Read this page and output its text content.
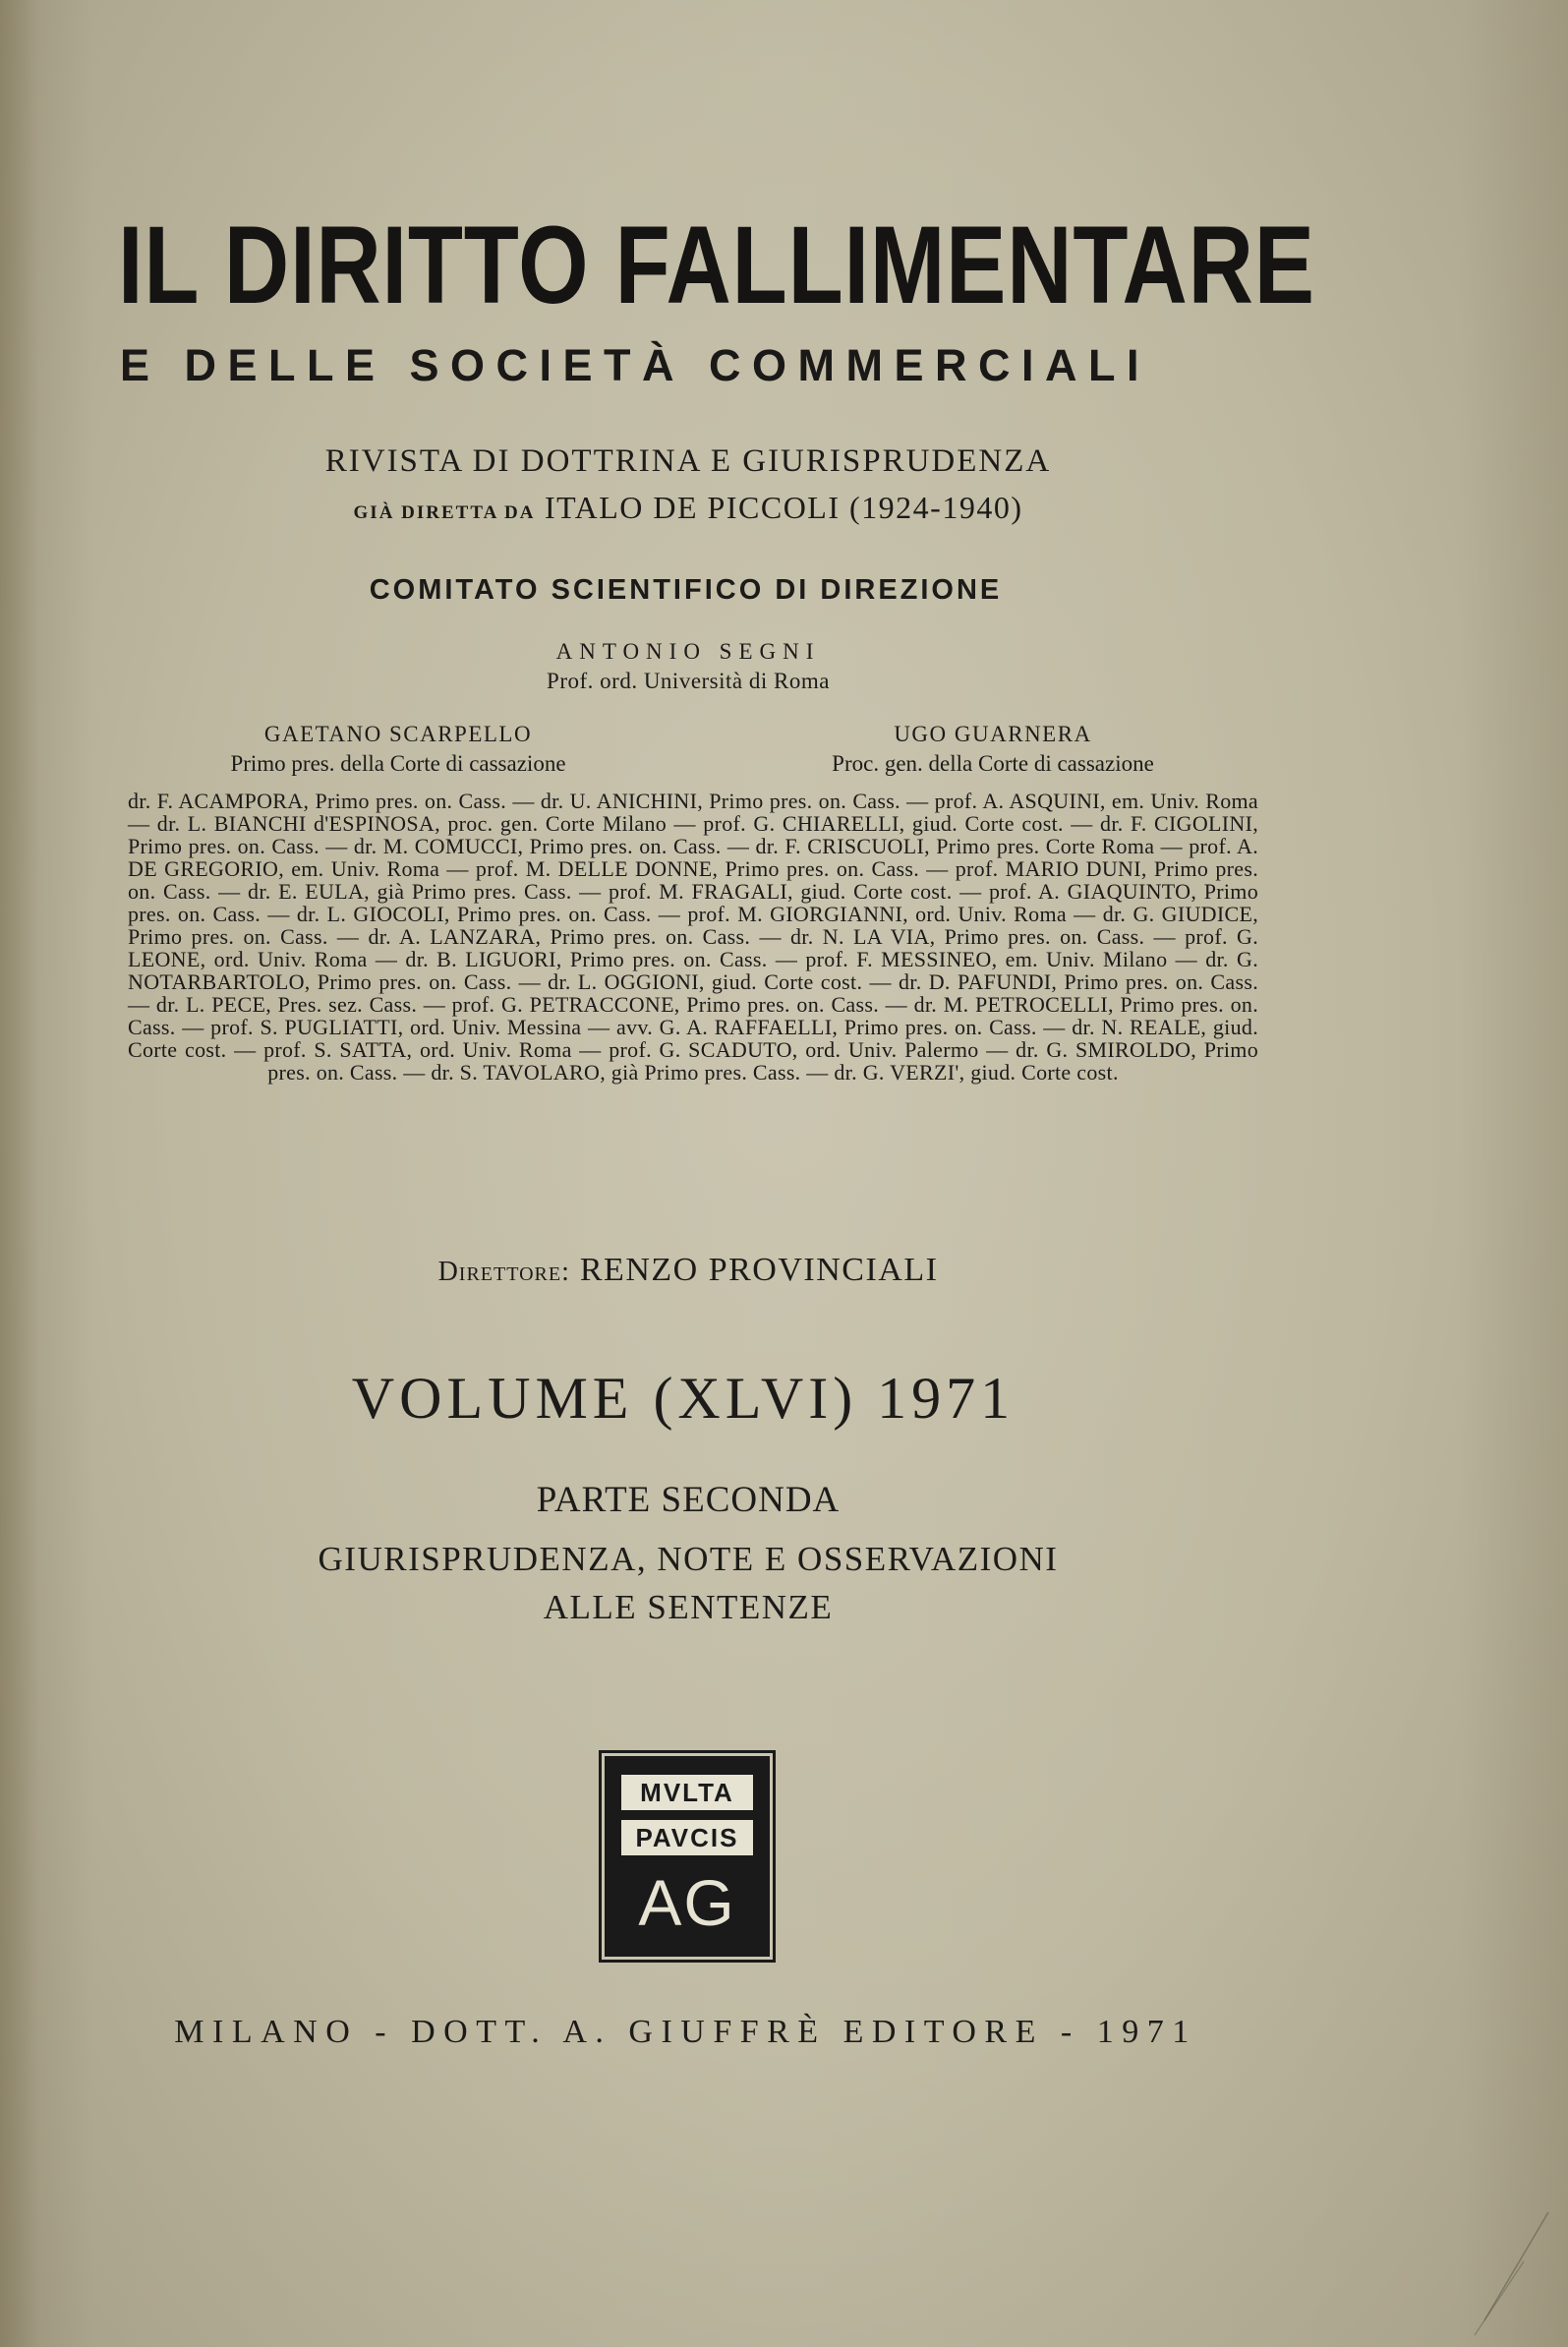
IL DIRITTO FALLIMENTARE
E DELLE SOCIETÀ COMMERCIALI
RIVISTA DI DOTTRINA E GIURISPRUDENZA
GIÀ DIRETTA DA ITALO DE PICCOLI (1924-1940)
COMITATO SCIENTIFICO DI DIREZIONE
ANTONIO SEGNI
Prof. ord. Università di Roma
GAETANO SCARPELLO
Primo pres. della Corte di cassazione
UGO GUARNERA
Proc. gen. della Corte di cassazione
dr. F. ACAMPORA, Primo pres. on. Cass. — dr. U. ANICHINI, Primo pres. on. Cass. — prof. A. ASQUINI, em. Univ. Roma — dr. L. BIANCHI d'ESPINOSA, proc. gen. Corte Milano — prof. G. CHIARELLI, giud. Corte cost. — dr. F. CIGOLINI, Primo pres. on. Cass. — dr. M. COMUCCI, Primo pres. on. Cass. — dr. F. CRISCUOLI, Primo pres. Corte Roma — prof. A. DE GREGORIO, em. Univ. Roma — prof. M. DELLE DONNE, Primo pres. on. Cass. — prof. MARIO DUNI, Primo pres. on. Cass. — dr. E. EULA, già Primo pres. Cass. — prof. M. FRAGALI, giud. Corte cost. — prof. A. GIAQUINTO, Primo pres. on. Cass. — dr. L. GIOCOLI, Primo pres. on. Cass. — prof. M. GIORGIANNI, ord. Univ. Roma — dr. G. GIUDICE, Primo pres. on. Cass. — dr. A. LANZARA, Primo pres. on. Cass. — dr. N. LA VIA, Primo pres. on. Cass. — prof. G. LEONE, ord. Univ. Roma — dr. B. LIGUORI, Primo pres. on. Cass. — prof. F. MESSINEO, em. Univ. Milano — dr. G. NOTARBARTOLO, Primo pres. on. Cass. — dr. L. OGGIONI, giud. Corte cost. — dr. D. PAFUNDI, Primo pres. on. Cass. — dr. L. PECE, Pres. sez. Cass. — prof. G. PETRACCONE, Primo pres. on. Cass. — dr. M. PETROCELLI, Primo pres. on. Cass. — prof. S. PUGLIATTI, ord. Univ. Messina — avv. G. A. RAFFAELLI, Primo pres. on. Cass. — dr. N. REALE, giud. Corte cost. — prof. S. SATTA, ord. Univ. Roma — prof. G. SCADUTO, ord. Univ. Palermo — dr. G. SMIROLDO, Primo pres. on. Cass. — dr. S. TAVOLARO, già Primo pres. Cass. — dr. G. VERZI', giud. Corte cost.
Direttore: RENZO PROVINCIALI
VOLUME (XLVI) 1971
PARTE SECONDA
GIURISPRUDENZA, NOTE E OSSERVAZIONI
ALLE SENTENZE
MVLTA
PAVCIS
AG
MILANO - DOTT. A. GIUFFRÈ EDITORE - 1971
